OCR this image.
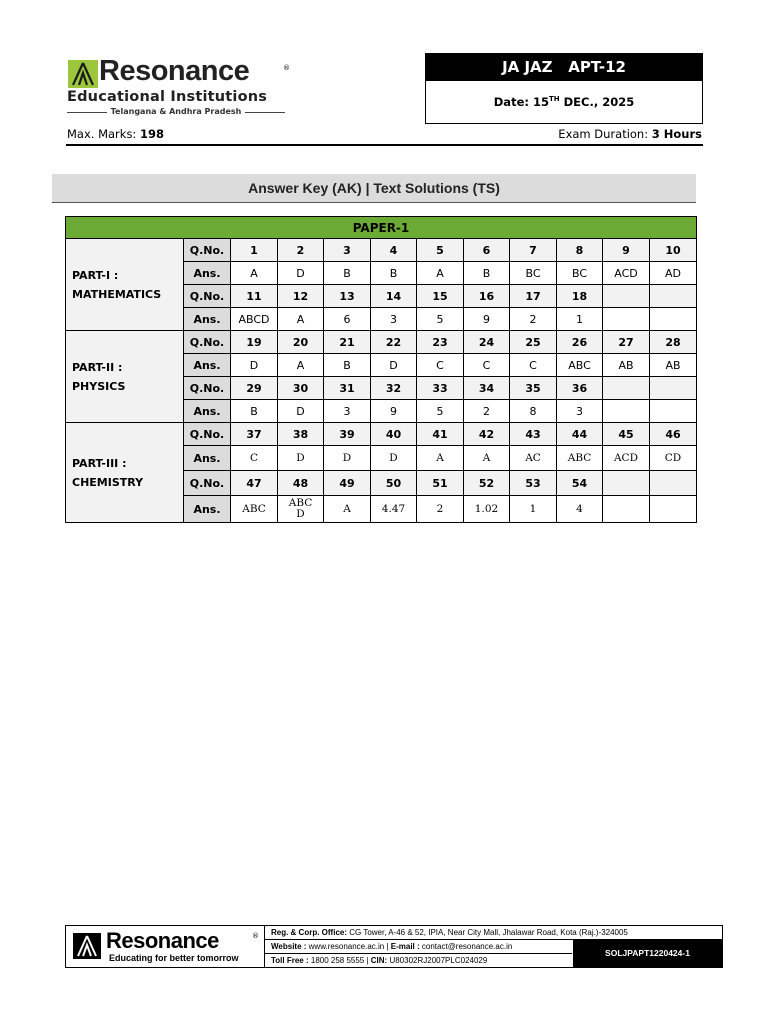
Resonance	®
Educational Institutions
Telangana & Andhra Pradesh
JA JAZ   APT-12
Date: 15TH DEC., 2025
Max. Marks: 198	Exam Duration: 3 Hours
Answer Key (AK) | Text Solutions (TS)
PAPER-1											

PART-I :
MATHEMATICS	Q.No.	1	2	3	4	5	6	7	8	9	10
	Ans.	A	D	B	B	A	B	BC	BC	ACD	AD
	Q.No.	11	12	13	14	15	16	17	18		
	Ans.	ABCD	A	6	3	5	9	2	1		

PART-II :
PHYSICS	Q.No.	19	20	21	22	23	24	25	26	27	28
	Ans.	D	A	B	D	C	C	C	ABC	AB	AB
	Q.No.	29	30	31	32	33	34	35	36		
	Ans.	B	D	3	9	5	2	8	3		

PART-III :
CHEMISTRY	Q.No.	37	38	39	40	41	42	43	44	45	46
	Ans.	C	D	D	D	A	A	AC	ABC	ACD	CD
	Q.No.	47	48	49	50	51	52	53	54		
	Ans.	ABC	ABC D	A	4.47	2	1.02	1	4		
Resonance	®
Educating for better tomorrow
Reg. & Corp. Office: CG Tower, A-46 & 52, IPIA, Near City Mall, Jhalawar Road, Kota (Raj.)-324005
Website : www.resonance.ac.in | E-mail : contact@resonance.ac.in
Toll Free : 1800 258 5555 | CIN: U80302RJ2007PLC024029
SOLJPAPT1220424-1
